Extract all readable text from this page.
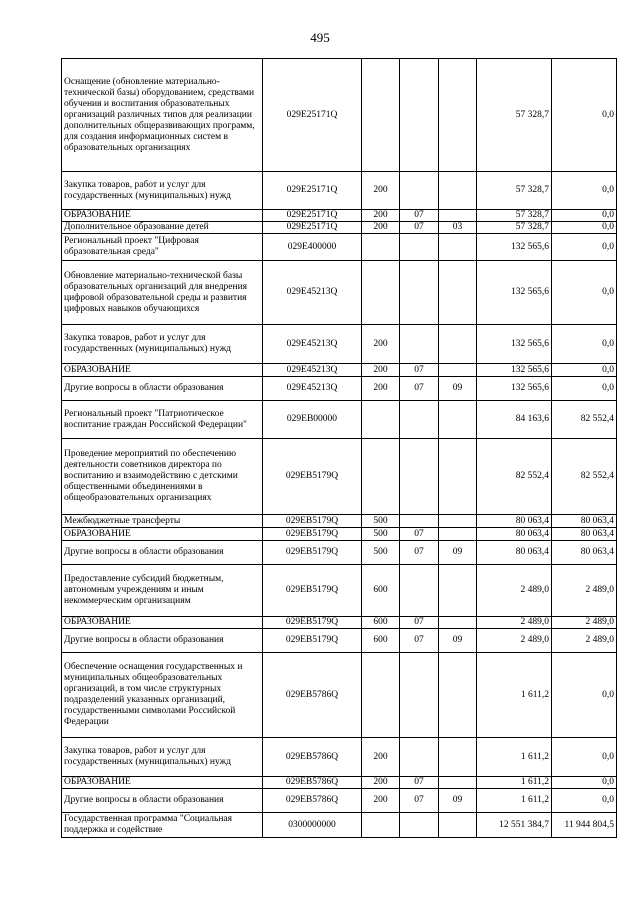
495
Оснащение (обновление материально-технической базы) оборудованием, средствами обучения и воспитания образовательных организаций различных типов для реализации дополнительных общеразвивающих программ, для создания информационных систем в образовательных организациях	029E25171Q				57 328,7	0,0
Закупка товаров, работ и услуг для государственных (муниципальных) нужд	029E25171Q	200			57 328,7	0,0
ОБРАЗОВАНИЕ	029E25171Q	200	07		57 328,7	0,0
Дополнительное образование детей	029E25171Q	200	07	03	57 328,7	0,0
Региональный проект "Цифровая образовательная среда"	029E400000				132 565,6	0,0
Обновление материально-технической базы образовательных организаций для внедрения цифровой образовательной среды и развития цифровых навыков обучающихся	029E45213Q				132 565,6	0,0
Закупка товаров, работ и услуг для государственных (муниципальных) нужд	029E45213Q	200			132 565,6	0,0
ОБРАЗОВАНИЕ	029E45213Q	200	07		132 565,6	0,0
Другие вопросы в области образования	029E45213Q	200	07	09	132 565,6	0,0
Региональный проект "Патриотическое воспитание граждан Российской Федерации"	029EB00000				84 163,6	82 552,4
Проведение мероприятий по обеспечению деятельности советников директора по воспитанию и взаимодействию с детскими общественными объединениями в общеобразовательных организациях	029EB5179Q				82 552,4	82 552,4
Межбюджетные трансферты	029EB5179Q	500			80 063,4	80 063,4
ОБРАЗОВАНИЕ	029EB5179Q	500	07		80 063,4	80 063,4
Другие вопросы в области образования	029EB5179Q	500	07	09	80 063,4	80 063,4
Предоставление субсидий бюджетным, автономным учреждениям и иным некоммерческим организациям	029EB5179Q	600			2 489,0	2 489,0
ОБРАЗОВАНИЕ	029EB5179Q	600	07		2 489,0	2 489,0
Другие вопросы в области образования	029EB5179Q	600	07	09	2 489,0	2 489,0
Обеспечение оснащения государственных и муниципальных общеобразовательных организаций, в том числе структурных подразделений указанных организаций, государственными символами Российской Федерации	029EB5786Q				1 611,2	0,0
Закупка товаров, работ и услуг для государственных (муниципальных) нужд	029EB5786Q	200			1 611,2	0,0
ОБРАЗОВАНИЕ	029EB5786Q	200	07		1 611,2	0,0
Другие вопросы в области образования	029EB5786Q	200	07	09	1 611,2	0,0
Государственная программа "Социальная поддержка и содействие	0300000000				12 551 384,7	11 944 804,5
